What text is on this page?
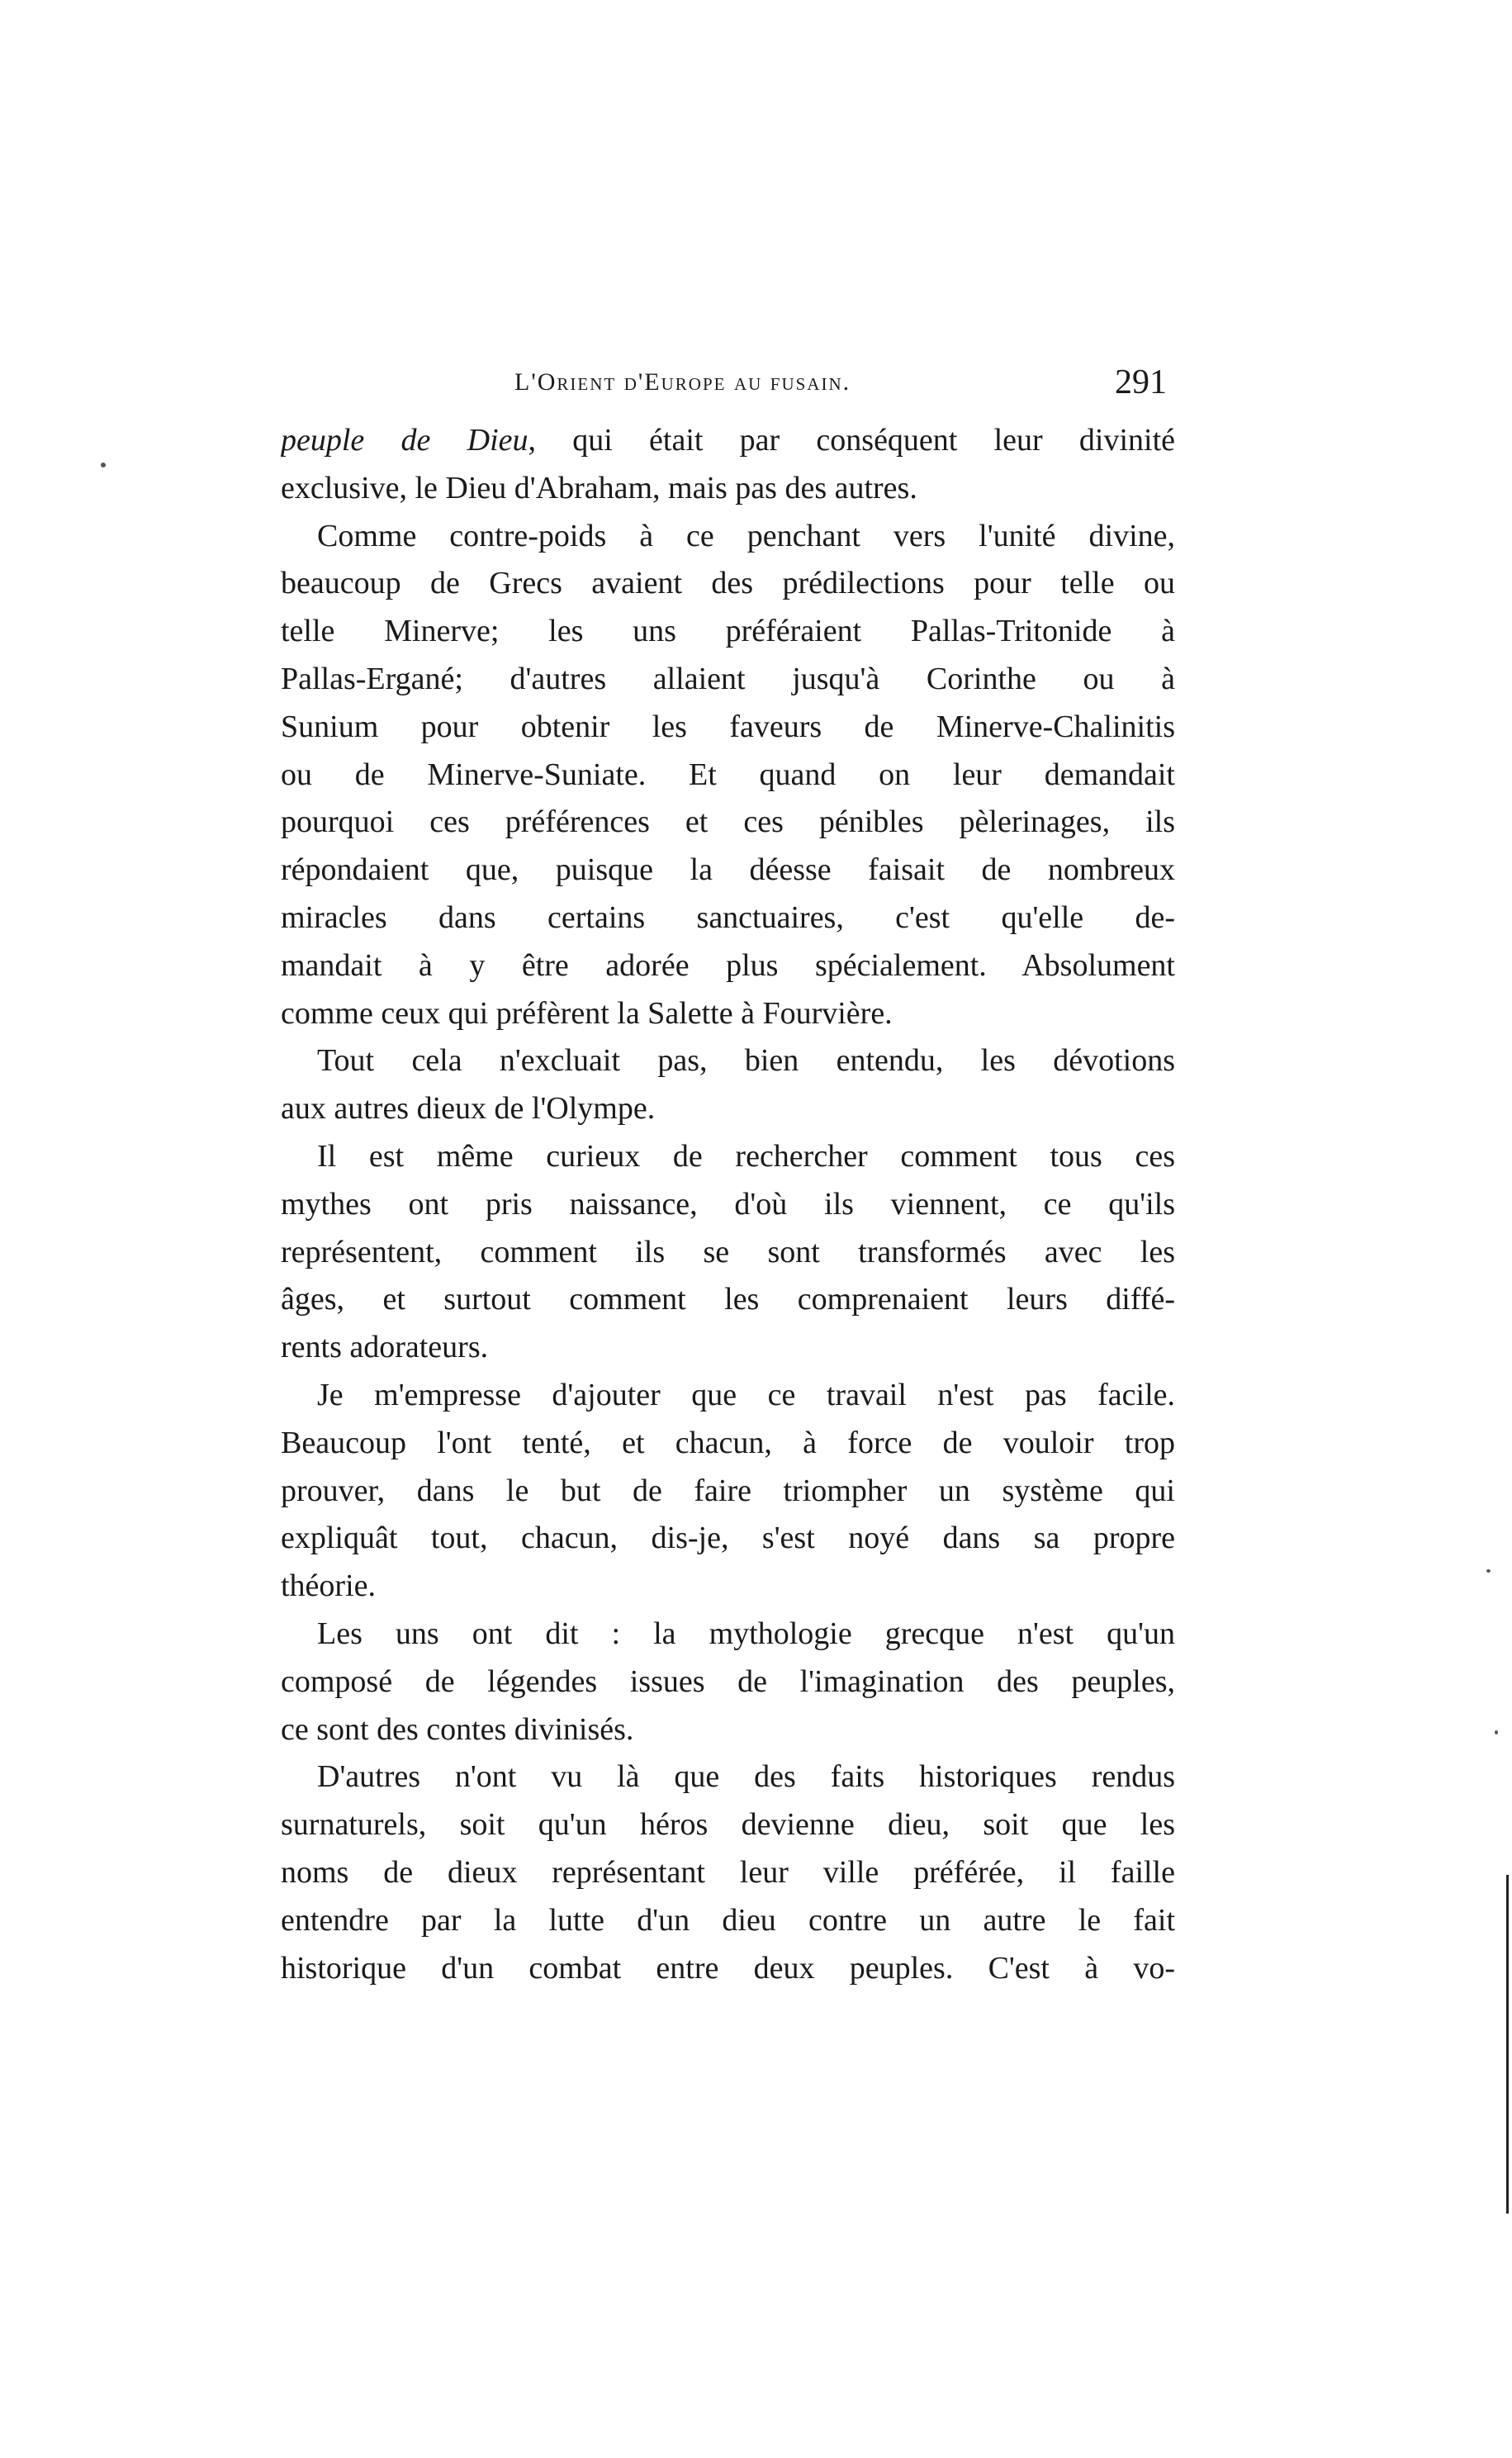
L'Orient d'Europe au fusain.	291
peuple de Dieu, qui était par conséquent leur divinité
exclusive, le Dieu d'Abraham, mais pas des autres.
Comme contre-poids à ce penchant vers l'unité divine,
beaucoup de Grecs avaient des prédilections pour telle ou
telle Minerve; les uns préféraient Pallas-Tritonide à
Pallas-Ergané; d'autres allaient jusqu'à Corinthe ou à
Sunium pour obtenir les faveurs de Minerve-Chalinitis
ou de Minerve-Suniate. Et quand on leur demandait
pourquoi ces préférences et ces pénibles pèlerinages, ils
répondaient que, puisque la déesse faisait de nombreux
miracles dans certains sanctuaires, c'est qu'elle de-
mandait à y être adorée plus spécialement. Absolument
comme ceux qui préfèrent la Salette à Fourvière.
Tout cela n'excluait pas, bien entendu, les dévotions
aux autres dieux de l'Olympe.
Il est même curieux de rechercher comment tous ces
mythes ont pris naissance, d'où ils viennent, ce qu'ils
représentent, comment ils se sont transformés avec les
âges, et surtout comment les comprenaient leurs diffé-
rents adorateurs.
Je m'empresse d'ajouter que ce travail n'est pas facile.
Beaucoup l'ont tenté, et chacun, à force de vouloir trop
prouver, dans le but de faire triompher un système qui
expliquât tout, chacun, dis-je, s'est noyé dans sa propre
théorie.
Les uns ont dit : la mythologie grecque n'est qu'un
composé de légendes issues de l'imagination des peuples,
ce sont des contes divinisés.
D'autres n'ont vu là que des faits historiques rendus
surnaturels, soit qu'un héros devienne dieu, soit que les
noms de dieux représentant leur ville préférée, il faille
entendre par la lutte d'un dieu contre un autre le fait
historique d'un combat entre deux peuples. C'est à vo-
